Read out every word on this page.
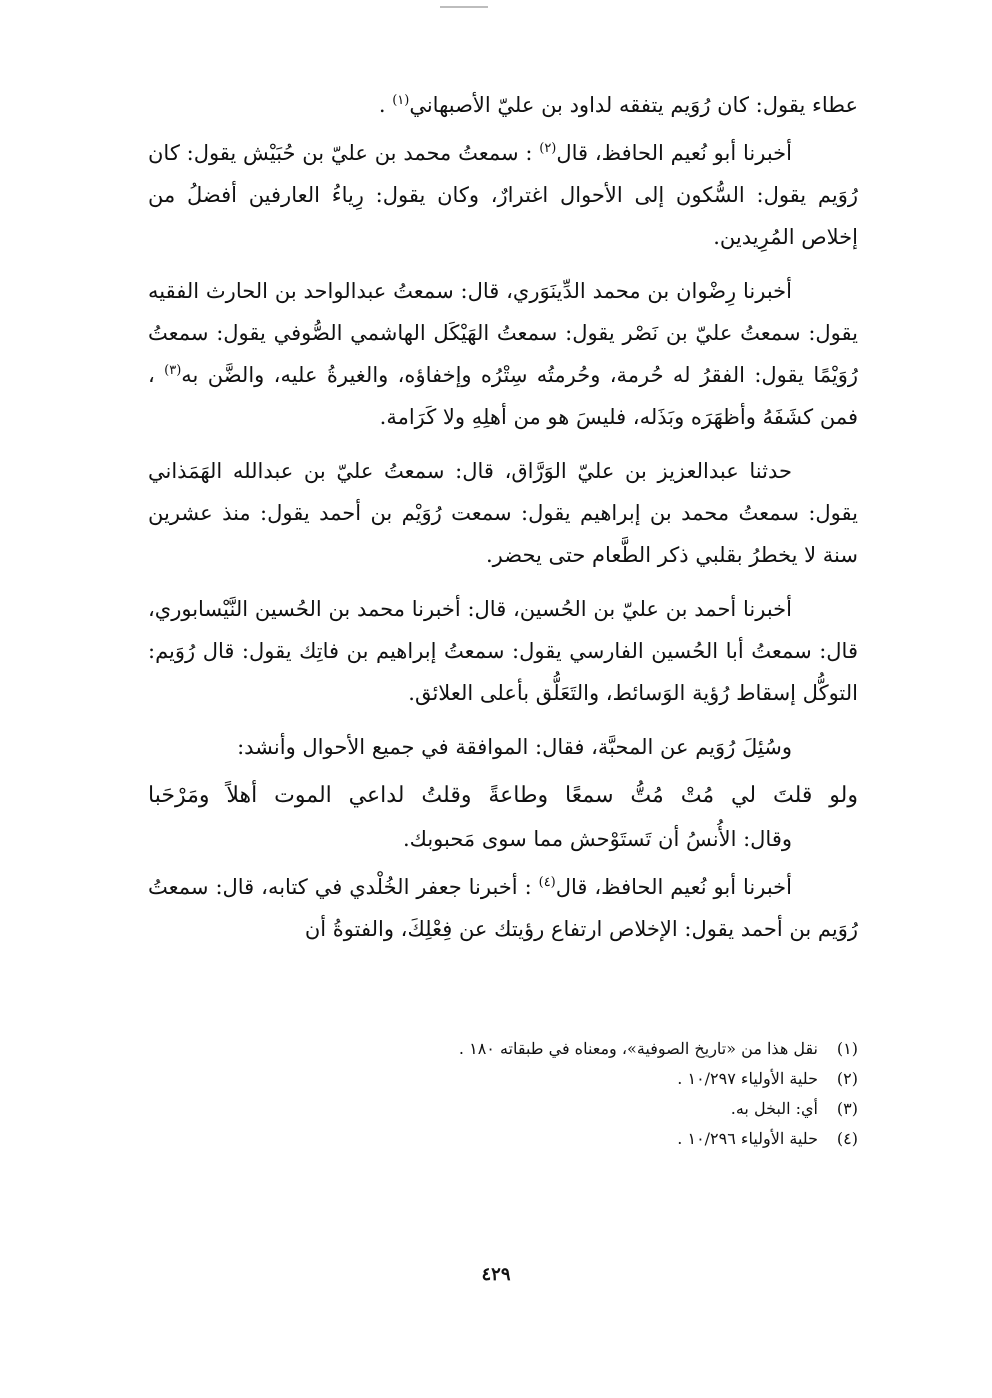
عطاء يقول: كان رُوَيم يتفقه لداود بن عليّ الأصبهاني$^{(١)}$ .

أخبرنا أبو نُعيم الحافظ، قال$^{(٢)}$ : سمعتُ محمد بن عليّ بن حُبَيْش يقول: كان رُوَيم يقول: السُّكون إلى الأحوال اغترارٌ، وكان يقول: رِياءُ العارفين أفضلُ من إخلاص المُرِيدين.

أخبرنا رِضْوان بن محمد الدِّينَوَري، قال: سمعتُ عبدالواحد بن الحارث الفقيه يقول: سمعتُ عليّ بن نَصْر يقول: سمعتُ الهَيْكَل الهاشمي الصُّوفي يقول: سمعتُ رُوَيْمًا يقول: الفقرُ له حُرمة، وحُرمتُه سِتْرُه وإخفاؤه، والغيرةُ عليه، والضَّن به$^{(٣)}$ ، فمن كشَفَهُ وأظهَرَه وبَذَله، فليسَ هو من أهلِهِ ولا كَرَامة.

حدثنا عبدالعزيز بن عليّ الوَرَّاق، قال: سمعتُ عليّ بن عبدالله الهَمَذاني يقول: سمعتُ محمد بن إبراهيم يقول: سمعت رُوَيْم بن أحمد يقول: منذ عشرين سنة لا يخطرُ بقلبي ذكر الطَّعام حتى يحضر.

أخبرنا أحمد بن عليّ بن الحُسين، قال: أخبرنا محمد بن الحُسين النَّيْسابوري، قال: سمعتُ أبا الحُسين الفارسي يقول: سمعتُ إبراهيم بن فاتِك يقول: قال رُوَيم: التوكُّل إسقاط رُؤية الوَسائط، والتَعَلُّق بأعلى العلائق.

وسُئِلَ رُوَيم عن المحبَّة، فقال: الموافقة في جميع الأحوال وأنشد:

ولو قلتَ لي مُتْ مُتُّ سمعًا وطاعةً وقلتُ لداعي الموت أهلاً ومَرْحَبا

وقال: الأُنسُ أن تَستَوْحش مما سوى مَحبوبك.

أخبرنا أبو نُعيم الحافظ، قال$^{(٤)}$ : أخبرنا جعفر الخُلْدي في كتابه، قال: سمعتُ رُوَيم بن أحمد يقول: الإخلاص ارتفاع رؤيتك عن فِعْلِكَ، والفتوةُ أن

(١)
نقل هذا من «تاريخ الصوفية»، ومعناه في طبقاته ١٨٠ .

(٢)
حلية الأولياء ١٠/٢٩٧ .

(٣)
أي: البخل به.

(٤)
حلية الأولياء ١٠/٢٩٦ .

٤٢٩
